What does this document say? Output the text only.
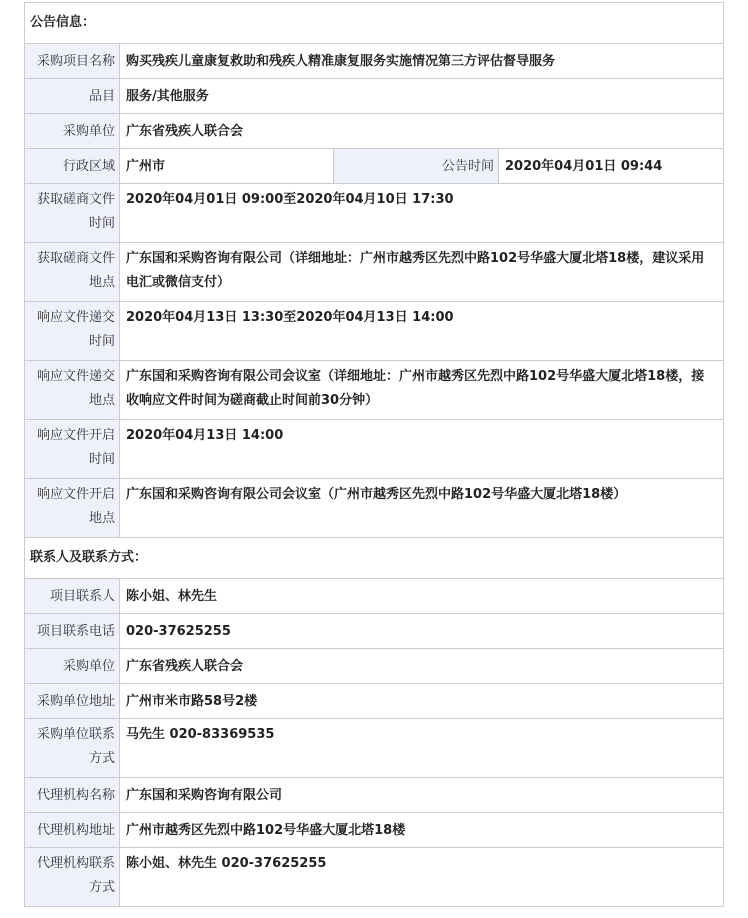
公告信息：			
采购项目名称	购买残疾儿童康复救助和残疾人精准康复服务实施情况第三方评估督导服务		
品目	服务/其他服务		
采购单位	广东省残疾人联合会		
行政区域	广州市	公告时间	2020年04月01日 09:44
获取磋商文件时间	2020年04月01日 09:00至2020年04月10日 17:30		
获取磋商文件地点	广东国和采购咨询有限公司（详细地址：广州市越秀区先烈中路102号华盛大厦北塔18楼，建议采用电汇或微信支付）		
响应文件递交时间	2020年04月13日 13:30至2020年04月13日 14:00		
响应文件递交地点	广东国和采购咨询有限公司会议室（详细地址：广州市越秀区先烈中路102号华盛大厦北塔18楼，接收响应文件时间为磋商截止时间前30分钟）		
响应文件开启时间	2020年04月13日 14:00		
响应文件开启地点	广东国和采购咨询有限公司会议室（广州市越秀区先烈中路102号华盛大厦北塔18楼）		
联系人及联系方式：			
项目联系人	陈小姐、林先生		
项目联系电话	020-37625255		
采购单位	广东省残疾人联合会		
采购单位地址	广州市米市路58号2楼		
采购单位联系方式	马先生 020-83369535		
代理机构名称	广东国和采购咨询有限公司		
代理机构地址	广州市越秀区先烈中路102号华盛大厦北塔18楼		
代理机构联系方式	陈小姐、林先生 020-37625255		
